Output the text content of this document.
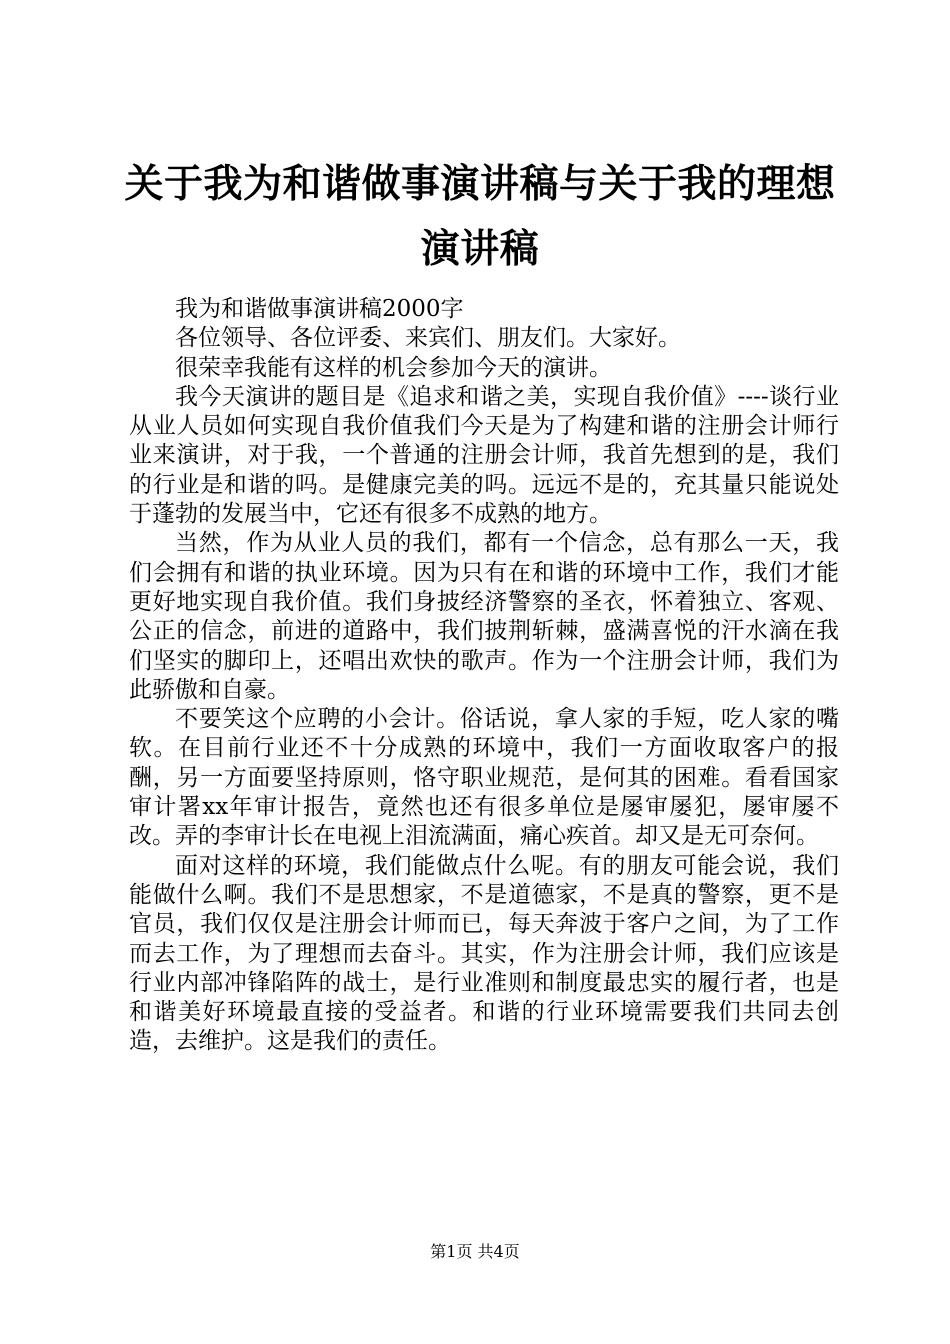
关于我为和谐做事演讲稿与关于我的理想演讲稿

我为和谐做事演讲稿2000字

各位领导、各位评委、来宾们、朋友们。大家好。

很荣幸我能有这样的机会参加今天的演讲。

我今天演讲的题目是《追求和谐之美，实现自我价值》----谈行业从业人员如何实现自我价值我们今天是为了构建和谐的注册会计师行业来演讲，对于我，一个普通的注册会计师，我首先想到的是，我们的行业是和谐的吗。是健康完美的吗。远远不是的，充其量只能说处于蓬勃的发展当中，它还有很多不成熟的地方。

当然，作为从业人员的我们，都有一个信念，总有那么一天，我们会拥有和谐的执业环境。因为只有在和谐的环境中工作，我们才能更好地实现自我价值。我们身披经济警察的圣衣，怀着独立、客观、公正的信念，前进的道路中，我们披荆斩棘，盛满喜悦的汗水滴在我们坚实的脚印上，还唱出欢快的歌声。作为一个注册会计师，我们为此骄傲和自豪。

不要笑这个应聘的小会计。俗话说，拿人家的手短，吃人家的嘴软。在目前行业还不十分成熟的环境中，我们一方面收取客户的报酬，另一方面要坚持原则，恪守职业规范，是何其的困难。看看国家审计署xx年审计报告，竟然也还有很多单位是屡审屡犯，屡审屡不改。弄的李审计长在电视上泪流满面，痛心疾首。却又是无可奈何。

面对这样的环境，我们能做点什么呢。有的朋友可能会说，我们能做什么啊。我们不是思想家，不是道德家，不是真的警察，更不是官员，我们仅仅是注册会计师而已，每天奔波于客户之间，为了工作而去工作，为了理想而去奋斗。其实，作为注册会计师，我们应该是行业内部冲锋陷阵的战士，是行业准则和制度最忠实的履行者，也是和谐美好环境最直接的受益者。和谐的行业环境需要我们共同去创造，去维护。这是我们的责任。

第1页 共4页
